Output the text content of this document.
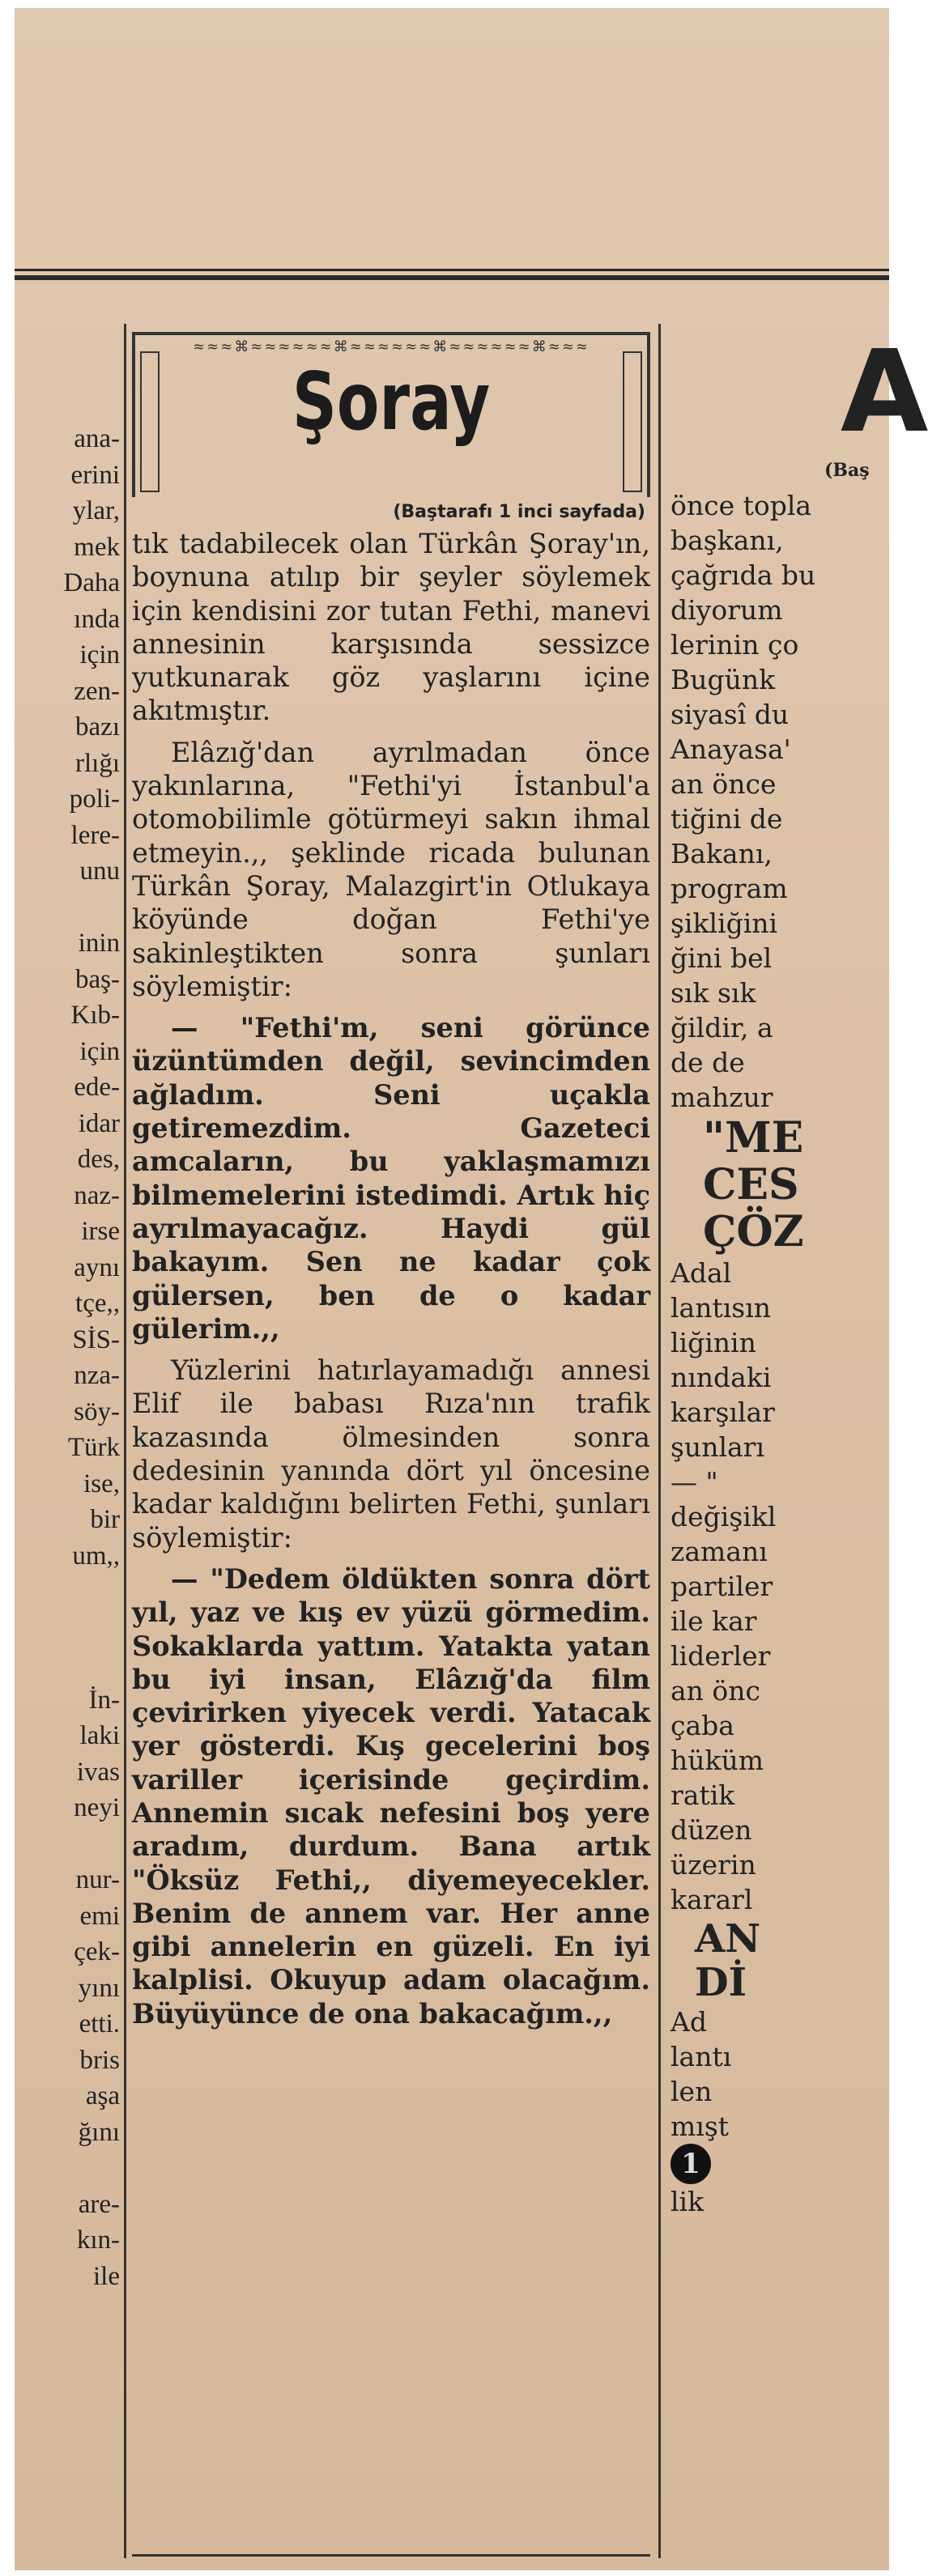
ana-
erini
ylar,
mek
Daha
ında
için
zen-
bazı
rlığı
poli-
lere-
unu

inin
baş-
Kıb-
için
ede-
idar
des,
naz-
irse
aynı
tçe,,
SİS-
nza-
söy-
Türk
ise,
bir
um,,

İn-
laki
ivas
neyi

nur-
emi
çek-
yını
etti.
bris
aşa
ğını

are-
kın-
ile
≈≈≈⌘≈≈≈≈≈≈⌘≈≈≈≈≈≈⌘≈≈≈≈≈≈⌘≈≈≈
Şoray
(Baştarafı 1 inci sayfada)

tık tadabilecek olan Türkân Şoray'ın, boynuna atılıp bir şeyler söylemek için kendisini zor tutan Fethi, manevi annesinin karşısında sessizce yutkunarak göz yaşlarını içine akıtmıştır.

Elâzığ'dan ayrılmadan önce yakınlarına, "Fethi'yi İstanbul'a otomobilimle götürmeyi sakın ihmal etmeyin.,, şeklinde ricada bulunan Türkân Şoray, Malazgirt'in Otlukaya köyünde doğan Fethi'ye sakinleştikten sonra şunları söylemiştir:

— "Fethi'm, seni görünce üzüntümden değil, sevincimden ağladım. Seni uçakla getiremezdim. Gazeteci amcaların, bu yaklaşmamızı bilmemelerini istedimdi. Artık hiç ayrılmayacağız. Haydi gül bakayım. Sen ne kadar çok gülersen, ben de o kadar gülerim.,,

Yüzlerini hatırlayamadığı annesi Elif ile babası Rıza'nın trafik kazasında ölmesinden sonra dedesinin yanında dört yıl öncesine kadar kaldığını belirten Fethi, şunları söylemiştir:

— "Dedem öldükten sonra dört yıl, yaz ve kış ev yüzü görmedim. Sokaklarda yattım. Yatakta yatan bu iyi insan, Elâzığ'da film çevirirken yiyecek verdi. Yatacak yer gösterdi. Kış gecelerini boş variller içerisinde geçirdim. Annemin sıcak nefesini boş yere aradım, durdum. Bana artık "Öksüz Fethi,, diyemeyecekler. Benim de annem var. Her anne gibi annelerin en güzeli. En iyi kalplisi. Okuyup adam olacağım. Büyüyünce de ona bakacağım.,,

A
(Baş
önce topla
başkanı,
çağrıda bu
diyorum
lerinin ço
Bugünk
siyasî du
Anayasa'
an önce
tiğini de
Bakanı,
program
şikliğini
ğini bel
sık sık
ğildir, a
de de
mahzur
"ME
CES
ÇÖZ
Adal
lantısın
liğinin
nındaki
karşılar
şunları
— "
değişikl
zamanı
partiler
ile kar
liderler
an önc
çaba
hüküm
ratik
düzen
üzerin
kararl
AN
Dİ
Ad
lantı
len
mışt
1
lik
